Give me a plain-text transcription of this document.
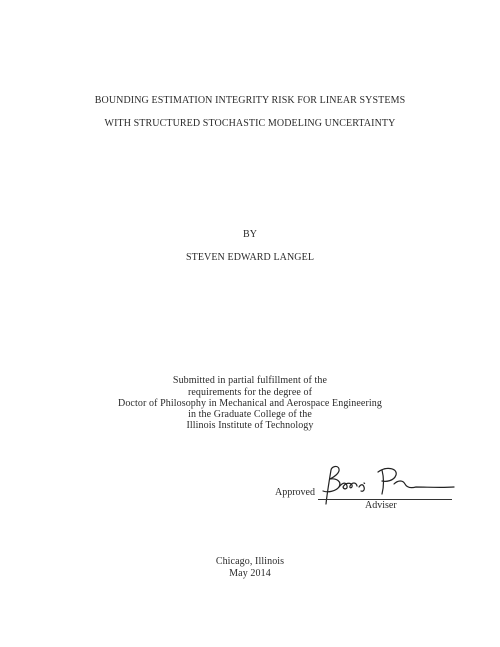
BOUNDING ESTIMATION INTEGRITY RISK FOR LINEAR SYSTEMS
WITH STRUCTURED STOCHASTIC MODELING UNCERTAINTY
BY
STEVEN EDWARD LANGEL
Submitted in partial fulfillment of the
requirements for the degree of
Doctor of Philosophy in Mechanical and Aerospace Engineering
in the Graduate College of the
Illinois Institute of Technology
Approved
Adviser
Chicago, Illinois
May 2014
